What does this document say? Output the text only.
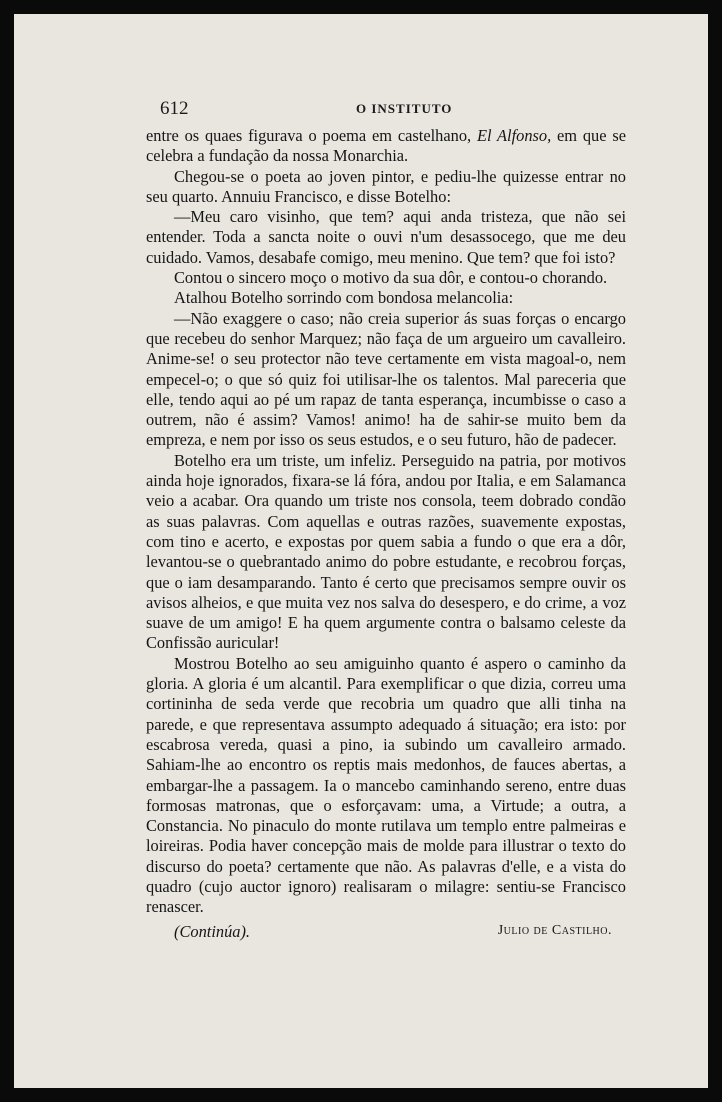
612	O INSTITUTO

entre os quaes figurava o poema em castelhano, El Alfonso, em que se celebra a fundação da nossa Monarchia.

Chegou-se o poeta ao joven pintor, e pediu-lhe quizesse entrar no seu quarto. Annuiu Francisco, e disse Botelho:

—Meu caro visinho, que tem? aqui anda tristeza, que não sei entender. Toda a sancta noite o ouvi n'um desassocego, que me deu cuidado. Vamos, desabafe comigo, meu menino. Que tem? que foi isto?

Contou o sincero moço o motivo da sua dôr, e contou-o chorando.

Atalhou Botelho sorrindo com bondosa melancolia:

—Não exaggere o caso; não creia superior ás suas forças o encargo que recebeu do senhor Marquez; não faça de um argueiro um cavalleiro. Anime-se! o seu protector não teve certamente em vista magoal-o, nem empecel-o; o que só quiz foi utilisar-lhe os talentos. Mal pareceria que elle, tendo aqui ao pé um rapaz de tanta esperança, incumbisse o caso a outrem, não é assim? Vamos! animo! ha de sahir-se muito bem da empreza, e nem por isso os seus estudos, e o seu futuro, hão de padecer.

Botelho era um triste, um infeliz. Perseguido na patria, por motivos ainda hoje ignorados, fixara-se lá fóra, andou por Italia, e em Salamanca veio a acabar. Ora quando um triste nos consola, teem dobrado condão as suas palavras. Com aquellas e outras razões, suavemente expostas, com tino e acerto, e expostas por quem sabia a fundo o que era a dôr, levantou-se o quebrantado animo do pobre estudante, e recobrou forças, que o iam desamparando. Tanto é certo que precisamos sempre ouvir os avisos alheios, e que muita vez nos salva do desespero, e do crime, a voz suave de um amigo! E ha quem argumente contra o balsamo celeste da Confissão auricular!

Mostrou Botelho ao seu amiguinho quanto é aspero o caminho da gloria. A gloria é um alcantil. Para exemplificar o que dizia, correu uma cortininha de seda verde que recobria um quadro que alli tinha na parede, e que representava assumpto adequado á situação; era isto: por escabrosa vereda, quasi a pino, ia subindo um cavalleiro armado. Sahiam-lhe ao encontro os reptis mais medonhos, de fauces abertas, a embargar-lhe a passagem. Ia o mancebo caminhando sereno, entre duas formosas matronas, que o esforçavam: uma, a Virtude; a outra, a Constancia. No pinaculo do monte rutilava um templo entre palmeiras e loireiras. Podia haver concepção mais de molde para illustrar o texto do discurso do poeta? certamente que não. As palavras d'elle, e a vista do quadro (cujo auctor ignoro) realisaram o milagre: sentiu-se Francisco renascer.

(Continúa).	Julio de Castilho.
